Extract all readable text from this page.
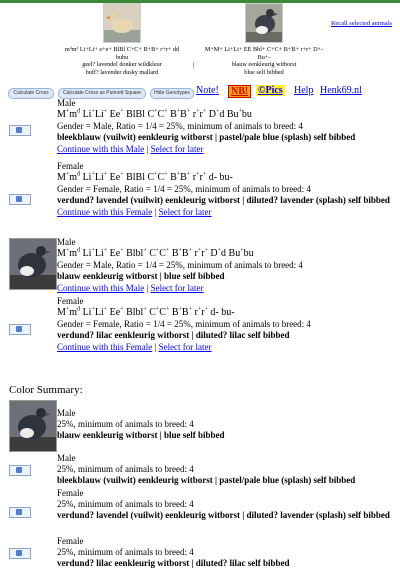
mᵈmᵈ Li+Li+ e+e+ BlBl C+C+ B+B+ r+r+ dd
bubu
geel? lavendel donker wildkleur
buff? lavender dusky mallard
|
M+M+ Li+Li+ EE Bbl+ C+C+ B+B+ r+r+ D+-
Bu+-
blauw eenkleurig witborst
blue self bibbed
Recall selected animals
Calculate Cross	Calculate Cross as Punnett Square	Hide Genotypes Note!	NB! ©Pics Help Henk69.nl
Male
$M^+m^d$ Li+Li+ Ee+ BlBl C+C+ B+B+ r+r+ D+d Bu+bu
Gender = Male, Ratio = 1/4 = 25%, minimum of animals to breed: 4
bleekblauw (vuilwit) eenkleurig witborst | pastel/pale blue (splash) self bibbed
Continue with this Male | Select for later
Female
$M^+m^d$ Li+Li+ Ee+ BlBl C+C+ B+B+ r+r+ d- bu-
Gender = Female, Ratio = 1/4 = 25%, minimum of animals to breed: 4
verdund? lavendel (vuilwit) eenkleurig witborst | diluted? lavender (splash) self bibbed
Continue with this Female | Select for later
Male
$M^+m^d$ Li+Li+ Ee+ Blbl+ C+C+ B+B+ r+r+ D+d Bu+bu
Gender = Male, Ratio = 1/4 = 25%, minimum of animals to breed: 4
blauw eenkleurig witborst | blue self bibbed
Continue with this Male | Select for later
Female
$M^+m^d$ Li+Li+ Ee+ Blbl+ C+C+ B+B+ r+r+ d- bu-
Gender = Female, Ratio = 1/4 = 25%, minimum of animals to breed: 4
verdund? lilac eenkleurig witborst | diluted? lilac self bibbed
Continue with this Female | Select for later
Color Summary:
Male
25%, minimum of animals to breed: 4
blauw eenkleurig witborst | blue self bibbed
Male
25%, minimum of animals to breed: 4
bleekblauw (vuilwit) eenkleurig witborst | pastel/pale blue (splash) self bibbed
Female
25%, minimum of animals to breed: 4
verdund? lavendel (vuilwit) eenkleurig witborst | diluted? lavender (splash) self bibbed
Female
25%, minimum of animals to breed: 4
verdund? lilac eenkleurig witborst | diluted? lilac self bibbed
